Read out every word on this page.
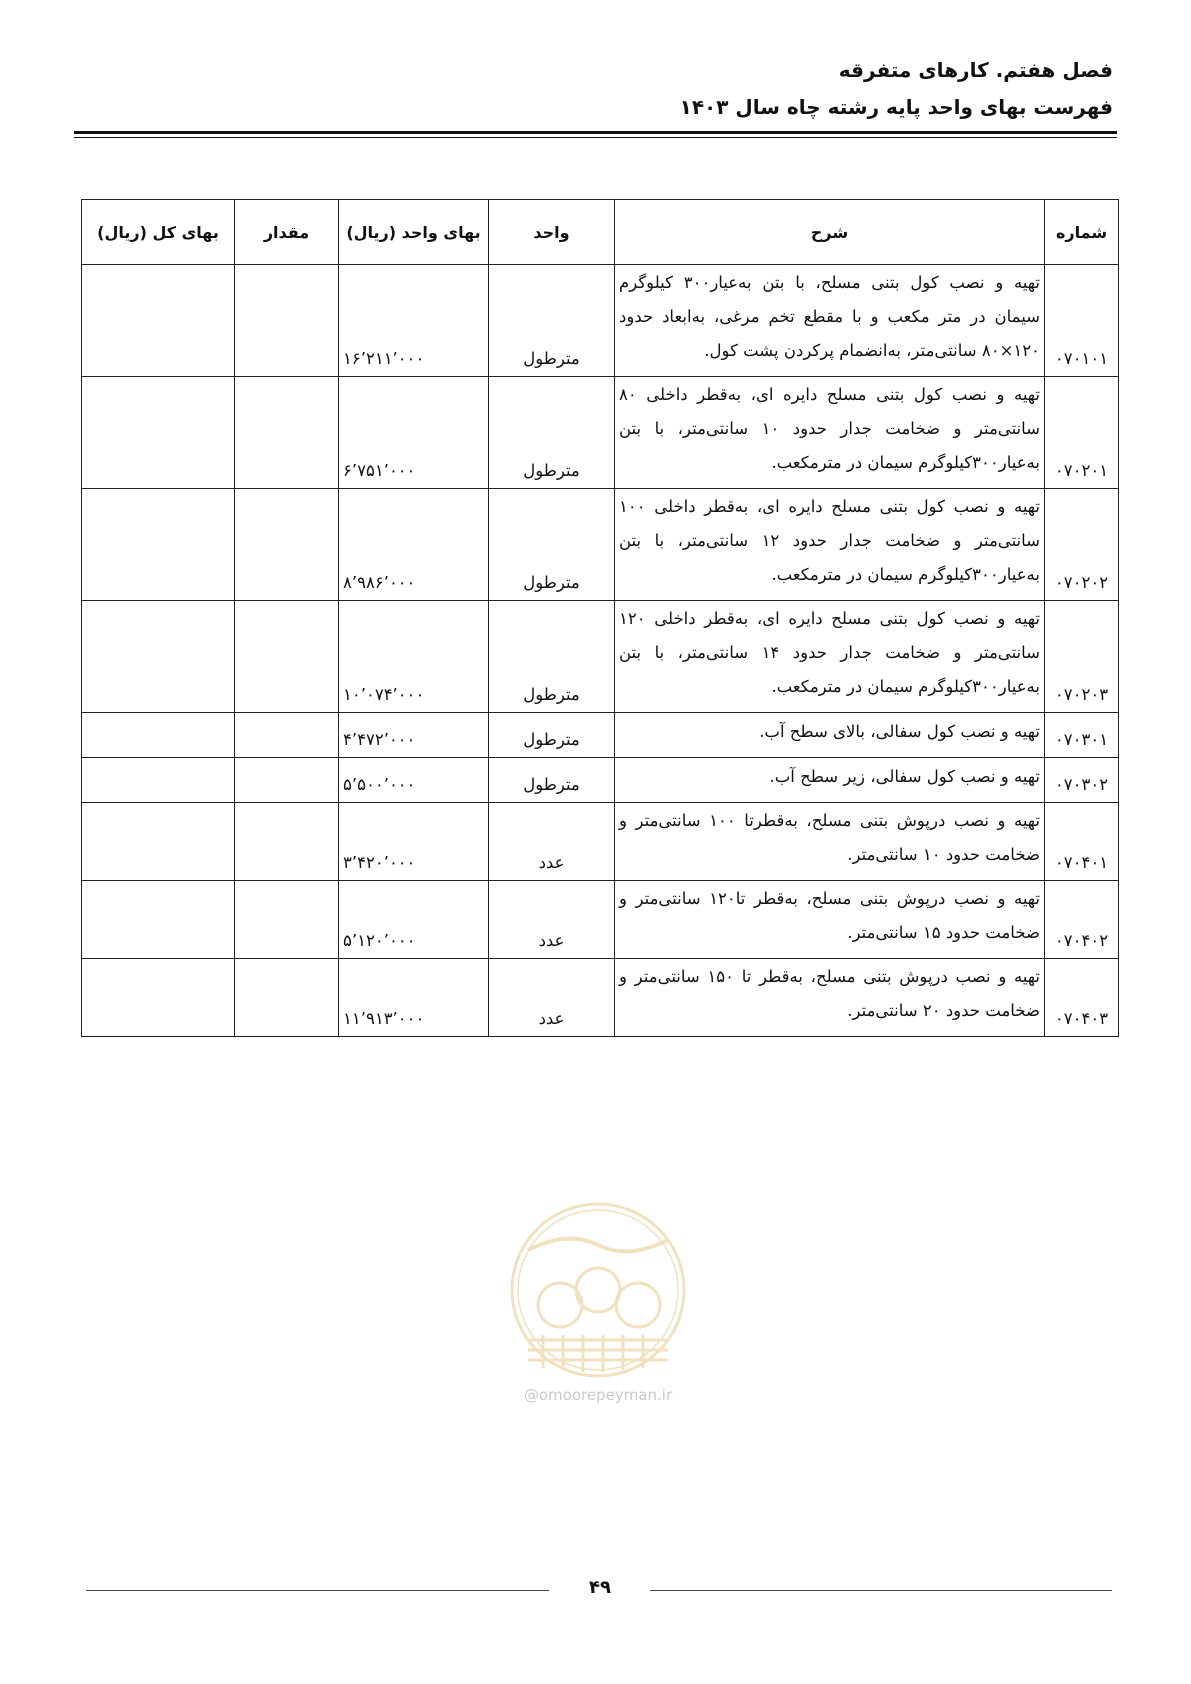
فصل هفتم. کارهای متفرقه
فهرست بهای واحد پایه رشته چاه سال ۱۴۰۳
شماره	شرح	واحد	بهای واحد (ریال)	مقدار	بهای کل (ریال)
۰۷۰۱۰۱	تهیه و نصب کول بتنی مسلح، با بتن به‌عیار۳۰۰ کیلوگرم سیمان در متر مکعب و با مقطع تخم مرغی، به‌ابعاد حدود ۱۲۰×۸۰ سانتی‌متر، به‌انضمام پرکردن پشت کول.	مترطول	۱۶٬۲۱۱٬۰۰۰		
۰۷۰۲۰۱	تهیه و نصب کول بتنی مسلح دایره ای، به‌قطر داخلی ۸۰ سانتی‌متر و ضخامت جدار حدود ۱۰ سانتی‌متر، با بتن به‌عیار۳۰۰کیلوگرم سیمان در مترمکعب.	مترطول	۶٬۷۵۱٬۰۰۰		
۰۷۰۲۰۲	تهیه و نصب کول بتنی مسلح دایره ای، به‌قطر داخلی ۱۰۰ سانتی‌متر و ضخامت جدار حدود ۱۲ سانتی‌متر، با بتن به‌عیار۳۰۰کیلوگرم سیمان در مترمکعب.	مترطول	۸٬۹۸۶٬۰۰۰		
۰۷۰۲۰۳	تهیه و نصب کول بتنی مسلح دایره ای، به‌قطر داخلی ۱۲۰ سانتی‌متر و ضخامت جدار حدود ۱۴ سانتی‌متر، با بتن به‌عیار۳۰۰کیلوگرم سیمان در مترمکعب.	مترطول	۱۰٬۰۷۴٬۰۰۰		
۰۷۰۳۰۱	تهیه و نصب کول سفالی، بالای سطح آب.	مترطول	۴٬۴۷۲٬۰۰۰		
۰۷۰۳۰۲	تهیه و نصب کول سفالی، زیر سطح آب.	مترطول	۵٬۵۰۰٬۰۰۰		
۰۷۰۴۰۱	تهیه و نصب درپوش بتنی مسلح، به‌قطرتا ۱۰۰ سانتی‌متر و ضخامت حدود ۱۰ سانتی‌متر.	عدد	۳٬۴۲۰٬۰۰۰		
۰۷۰۴۰۲	تهیه و نصب درپوش بتنی مسلح، به‌قطر تا۱۲۰ سانتی‌متر و ضخامت حدود ۱۵ سانتی‌متر.	عدد	۵٬۱۲۰٬۰۰۰		
۰۷۰۴۰۳	تهیه و نصب درپوش بتنی مسلح، به‌قطر تا ۱۵۰ سانتی‌متر و ضخامت حدود ۲۰ سانتی‌متر.	عدد	۱۱٬۹۱۳٬۰۰۰		
@omoorepeyman.ir
۴۹
